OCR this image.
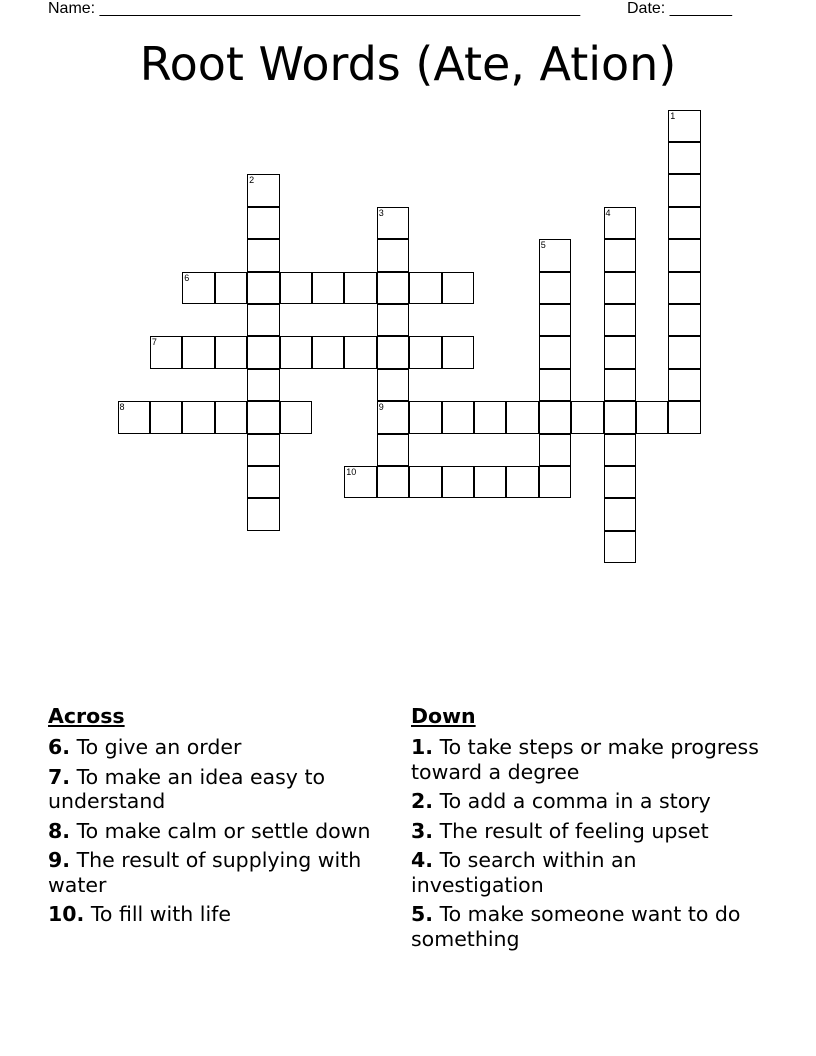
Name: ______________________________________________________	Date: _______
Root Words (Ate, Ation)
1
2
3
9
4
5
6
7
8
10
Across
6. To give an order
7. To make an idea easy to understand
8. To make calm or settle down
9. The result of supplying with water
10. To fill with life
Down
1. To take steps or make progress toward a degree
2. To add a comma in a story
3. The result of feeling upset
4. To search within an investigation
5. To make someone want to do something
